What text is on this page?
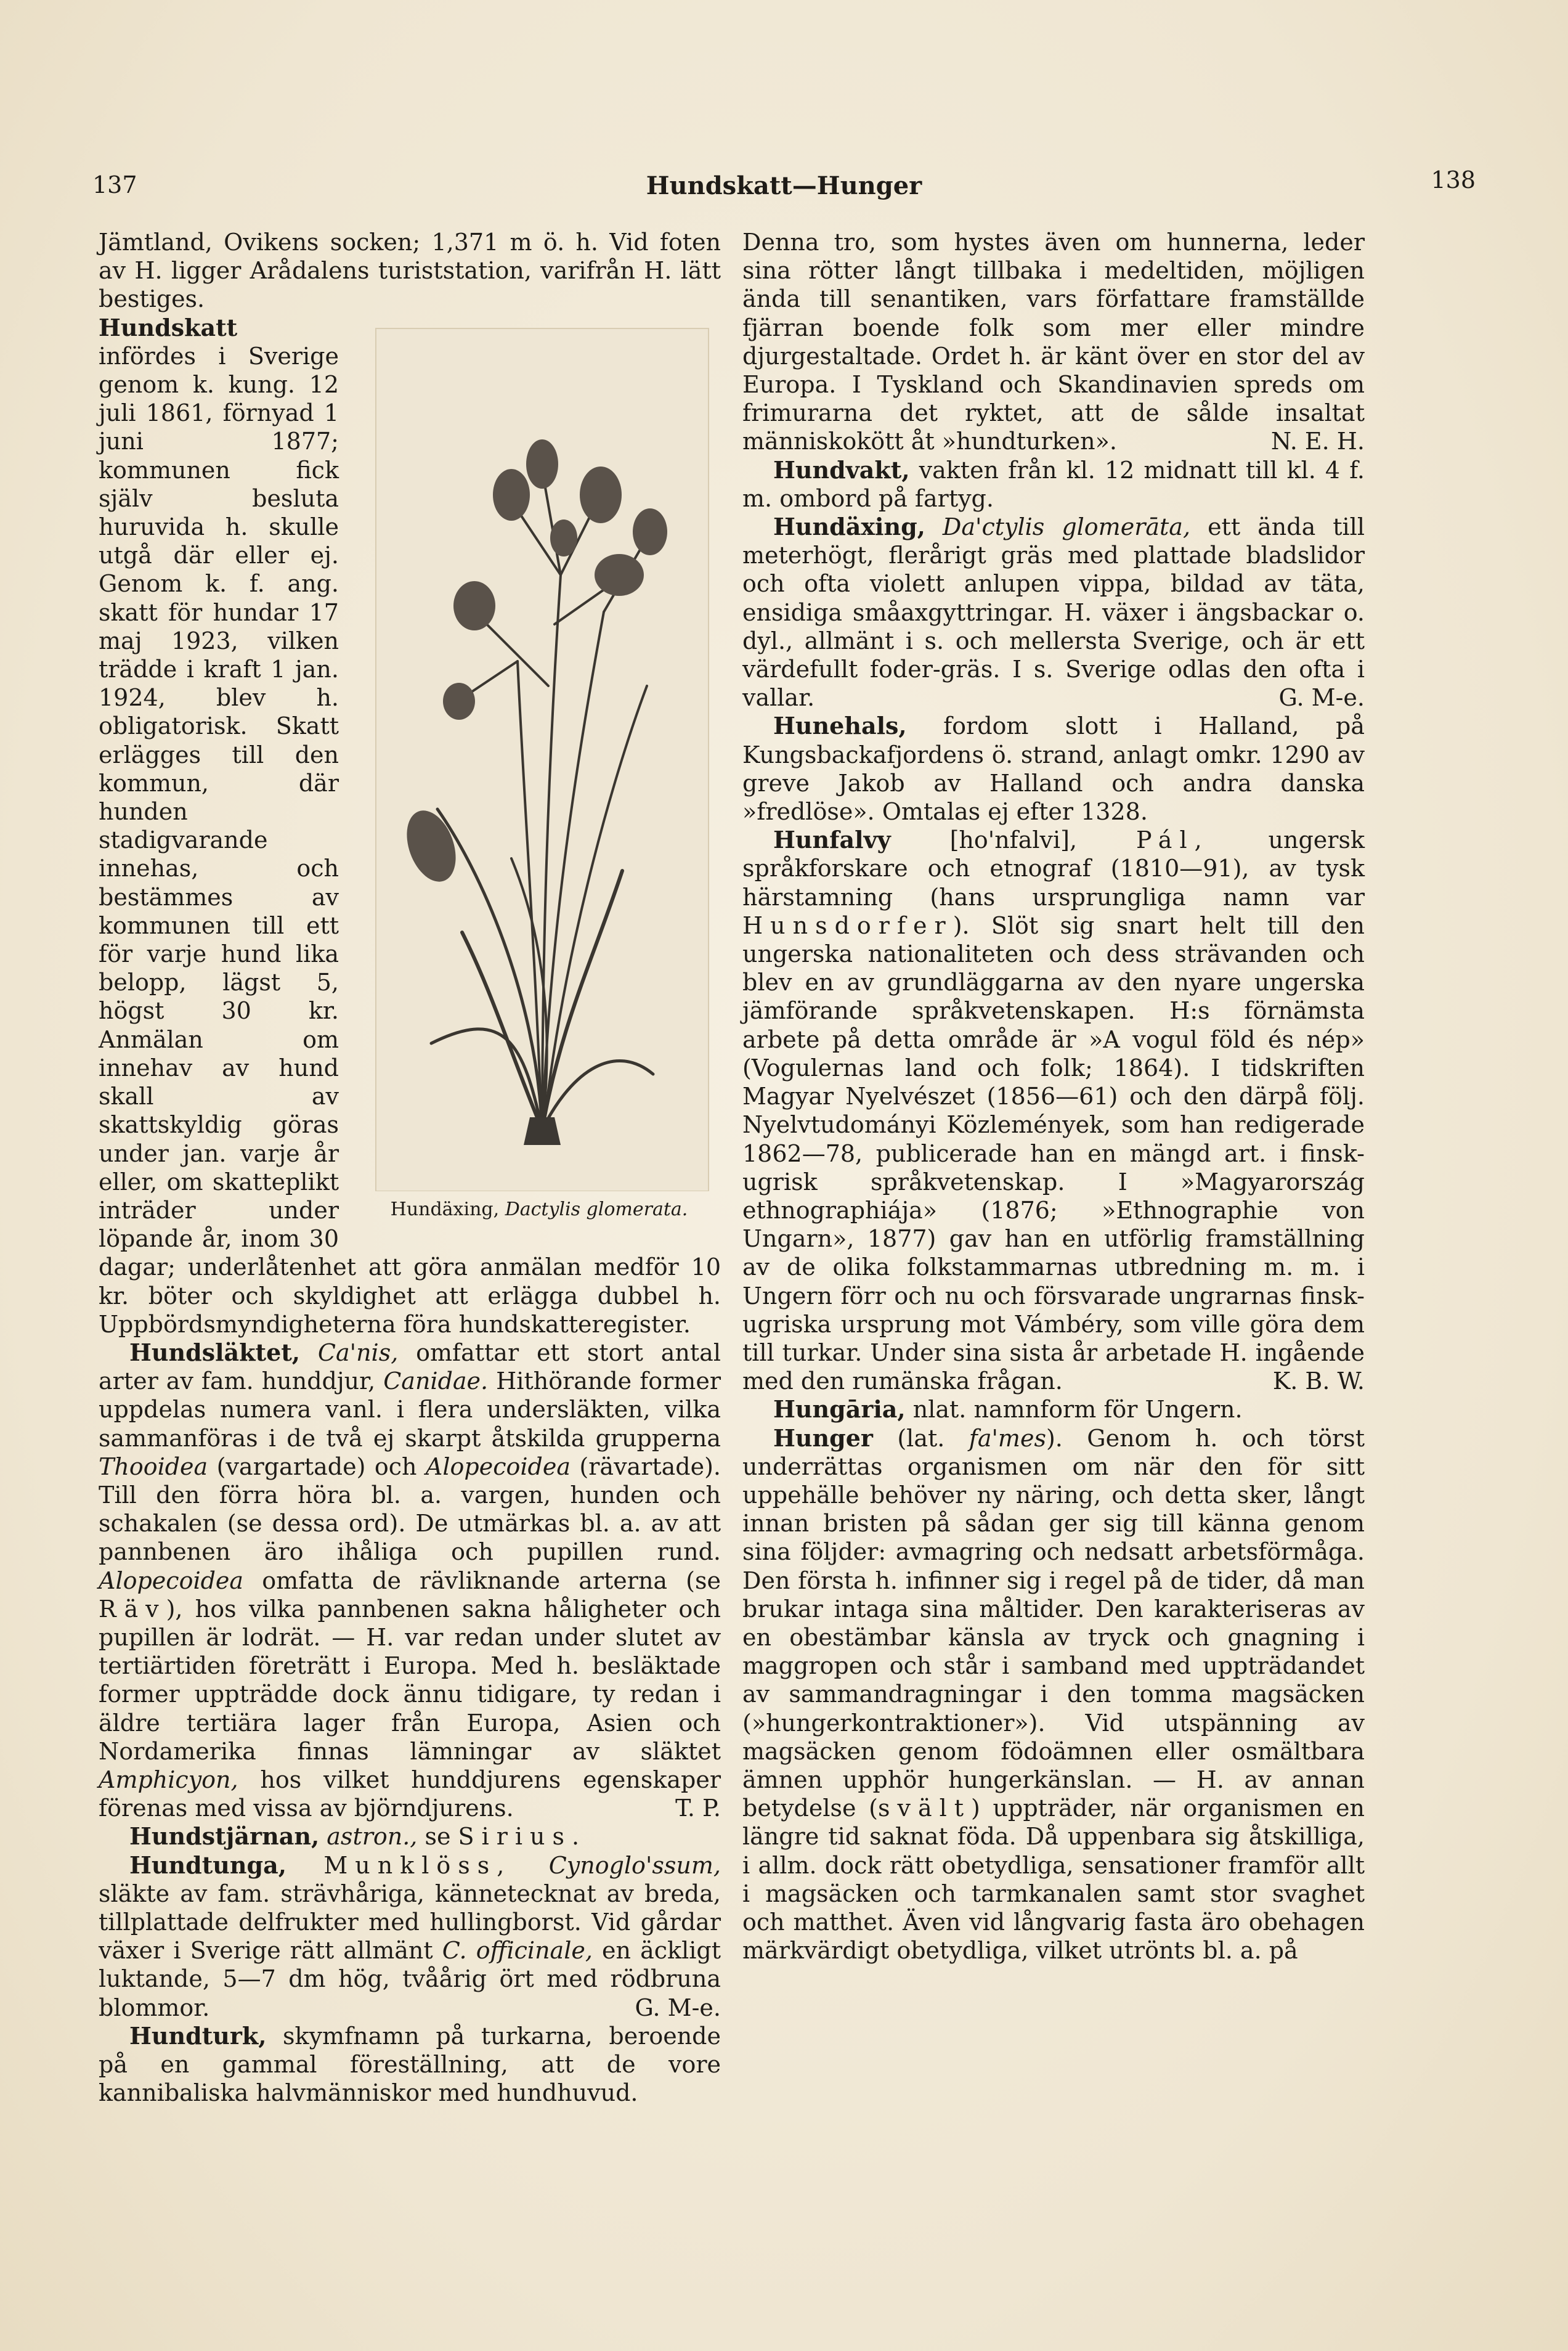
137	Hundskatt—Hunger	138

Jämtland, Ovikens socken; 1,371 m ö. h. Vid foten av H. ligger Arådalens turiststation, varifrån H. lätt bestiges.

Hundäxing, Dactylis glomerata.
Hundskatt infördes i Sverige genom k. kung. 12 juli 1861, förnyad 1 juni 1877; kommunen fick själv besluta huruvida h. skulle utgå där eller ej. Genom k. f. ang. skatt för hundar 17 maj 1923, vilken trädde i kraft 1 jan. 1924, blev h. obligatorisk. Skatt erlägges till den kommun, där hunden stadigvarande innehas, och bestämmes av kommunen till ett för varje hund lika belopp, lägst 5, högst 30 kr. Anmälan om innehav av hund skall av skattskyldig göras under jan. varje år eller, om skatteplikt inträder under löpande år, inom 30 dagar; underlåtenhet att göra anmälan medför 10 kr. böter och skyldighet att erlägga dubbel h. Uppbördsmyndigheterna föra hundskatteregister.

Hundsläktet, Ca'nis, omfattar ett stort antal arter av fam. hunddjur, Canidae. Hithörande former uppdelas numera vanl. i flera undersläkten, vilka sammanföras i de två ej skarpt åtskilda grupperna Thooidea (vargartade) och Alopecoidea (rävartade). Till den förra höra bl. a. vargen, hunden och schakalen (se dessa ord). De utmärkas bl. a. av att pannbenen äro ihåliga och pupillen rund. Alopecoidea omfatta de rävliknande arterna (se Räv), hos vilka pannbenen sakna håligheter och pupillen är lodrät. — H. var redan under slutet av tertiärtiden företrätt i Europa. Med h. besläktade former uppträdde dock ännu tidigare, ty redan i äldre tertiära lager från Europa, Asien och Nordamerika finnas lämningar av släktet Amphicyon, hos vilket hunddjurens egenskaper förenas med vissa av björndjurens.	T. P.

Hundstjärnan, astron., se Sirius.

Hundtunga, Munklöss, Cynoglo'ssum, släkte av fam. strävhåriga, kännetecknat av breda, tillplattade delfrukter med hullingborst. Vid gårdar växer i Sverige rätt allmänt C. officinale, en äckligt luktande, 5—7 dm hög, tvåårig ört med rödbruna blommor.	G. M-e.

Hundturk, skymfnamn på turkarna, beroende på en gammal föreställning, att de vore kannibaliska halvmänniskor med hundhuvud.

Denna tro, som hystes även om hunnerna, leder sina rötter långt tillbaka i medeltiden, möjligen ända till senantiken, vars författare framställde fjärran boende folk som mer eller mindre djurgestaltade. Ordet h. är känt över en stor del av Europa. I Tyskland och Skandinavien spreds om frimurarna det ryktet, att de sålde insaltat människokött åt »hundturken».	N. E. H.

Hundvakt, vakten från kl. 12 midnatt till kl. 4 f. m. ombord på fartyg.

Hundäxing, Da'ctylis glomerāta, ett ända till meterhögt, flerårigt gräs med plattade bladslidor och ofta violett anlupen vippa, bildad av täta, ensidiga småaxgyttringar. H. växer i ängsbackar o. dyl., allmänt i s. och mellersta Sverige, och är ett värdefullt foder-gräs. I s. Sverige odlas den ofta i vallar.	G. M-e.

Hunehals, fordom slott i Halland, på Kungsbackafjordens ö. strand, anlagt omkr. 1290 av greve Jakob av Halland och andra danska »fredlöse». Omtalas ej efter 1328.

Hunfalvy [ho'nfalvi], Pál, ungersk språkforskare och etnograf (1810—91), av tysk härstamning (hans ursprungliga namn var Hunsdorfer). Slöt sig snart helt till den ungerska nationaliteten och dess strävanden och blev en av grundläggarna av den nyare ungerska jämförande språkvetenskapen. H:s förnämsta arbete på detta område är »A vogul föld és nép» (Vogulernas land och folk; 1864). I tidskriften Magyar Nyelvészet (1856—61) och den därpå följ. Nyelvtudományi Közlemények, som han redigerade 1862—78, publicerade han en mängd art. i finsk-ugrisk språkvetenskap. I »Magyarország ethnographiája» (1876; »Ethnographie von Ungarn», 1877) gav han en utförlig framställning av de olika folkstammarnas utbredning m. m. i Ungern förr och nu och försvarade ungrarnas finsk-ugriska ursprung mot Vámbéry, som ville göra dem till turkar. Under sina sista år arbetade H. ingående med den rumänska frågan.	K. B. W.

Hungāria, nlat. namnform för Ungern.

Hunger (lat. fa'mes). Genom h. och törst underrättas organismen om när den för sitt uppehälle behöver ny näring, och detta sker, långt innan bristen på sådan ger sig till känna genom sina följder: avmagring och nedsatt arbetsförmåga. Den första h. infinner sig i regel på de tider, då man brukar intaga sina måltider. Den karakteriseras av en obestämbar känsla av tryck och gnagning i maggropen och står i samband med uppträdandet av sammandragningar i den tomma magsäcken (»hungerkontraktioner»). Vid utspänning av magsäcken genom födoämnen eller osmältbara ämnen upphör hungerkänslan. — H. av annan betydelse (svält) uppträder, när organismen en längre tid saknat föda. Då uppenbara sig åtskilliga, i allm. dock rätt obetydliga, sensationer framför allt i magsäcken och tarmkanalen samt stor svaghet och matthet. Även vid långvarig fasta äro obehagen märkvärdigt obetydliga, vilket utrönts bl. a. på
